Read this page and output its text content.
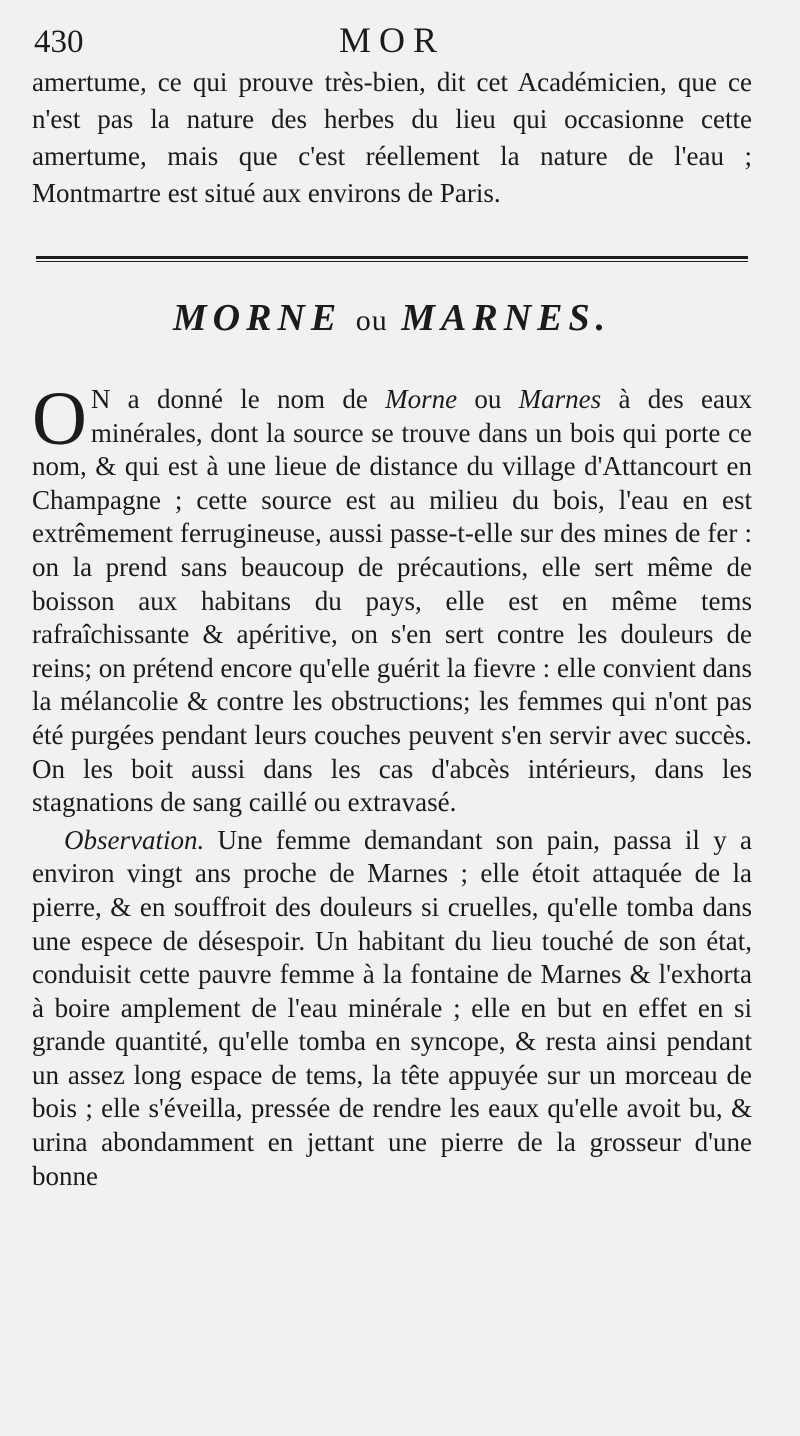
430	MOR

amertume, ce qui prouve très-bien, dit cet Académicien, que ce n'est pas la nature des herbes du lieu qui occasionne cette amertume, mais que c'est réellement la nature de l'eau ; Montmartre est situé aux environs de Paris.

MORNE ou MARNES.
O N a donné le nom de Morne ou Marnes à des eaux minérales, dont la source se trouve dans un bois qui porte ce nom, & qui est à une lieue de distance du village d'Attancourt en Champagne ; cette source est au milieu du bois, l'eau en est extrêmement ferrugineuse, aussi passe-t-elle sur des mines de fer : on la prend sans beaucoup de précautions, elle sert même de boisson aux habitans du pays, elle est en même tems rafraîchissante & apéritive, on s'en sert contre les douleurs de reins; on prétend encore qu'elle guérit la fievre : elle convient dans la mélancolie & contre les obstructions; les femmes qui n'ont pas été purgées pendant leurs couches peuvent s'en servir avec succès. On les boit aussi dans les cas d'abcès intérieurs, dans les stagnations de sang caillé ou extravasé.
Observation. Une femme demandant son pain, passa il y a environ vingt ans proche de Marnes ; elle étoit attaquée de la pierre, & en souffroit des douleurs si cruelles, qu'elle tomba dans une espece de désespoir. Un habitant du lieu touché de son état, conduisit cette pauvre femme à la fontaine de Marnes & l'exhorta à boire amplement de l'eau minérale ; elle en but en effet en si grande quantité, qu'elle tomba en syncope, & resta ainsi pendant un assez long espace de tems, la tête appuyée sur un morceau de bois ; elle s'éveilla, pressée de rendre les eaux qu'elle avoit bu, & urina abondamment en jettant une pierre de la grosseur d'une bonne
